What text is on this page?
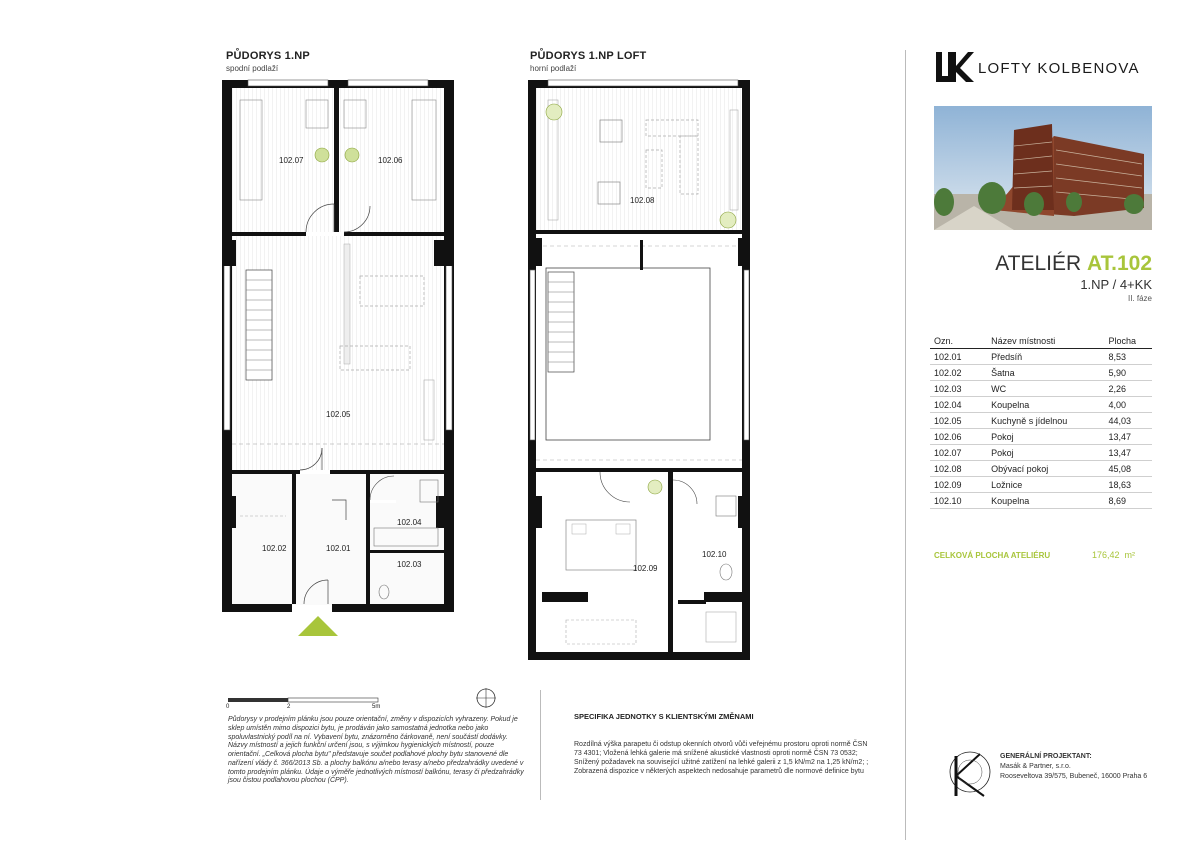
PŮDORYS 1.NP
spodní podlaží
102.07	102.06
102.05
102.02	102.01
102.04
102.03
PŮDORYS 1.NP LOFT
horní podlaží
102.08
102.09
102.10
LOFTY KOLBENOVA
ATELIÉR AT.102
1.NP / 4+KK
II. fáze
Ozn.	Název místnosti	Plocha
102.01	Předsíň	8,53
102.02	Šatna	5,90
102.03	WC	2,26
102.04	Koupelna	4,00
102.05	Kuchyně s jídelnou	44,03
102.06	Pokoj	13,47
102.07	Pokoj	13,47
102.08	Obývací pokoj	45,08
102.09	Ložnice	18,63
102.10	Koupelna	8,69
CELKOVÁ PLOCHA ATELIÉRU	176,42 m²
0	2	5m
Půdorysy v prodejním plánku jsou pouze orientační, změny v dispozicích vyhrazeny. Pokud je sklep umístěn mimo dispozici bytu, je prodáván jako samostatná jednotka nebo jako spoluvlastnický podíl na ní. Vybavení bytu, znázorněno čárkovaně, není součástí dodávky. Názvy místností a jejich funkční určení jsou, s výjimkou hygienických místností, pouze orientační. „Celková plocha bytu" představuje součet podlahové plochy bytu stanovené dle nařízení vlády č. 366/2013 Sb. a plochy balkónu a/nebo terasy a/nebo předzahrádky uvedené v tomto prodejním plánku. Údaje o výměře jednotlivých místností balkónu, terasy či předzahrádky jsou čistou podlahovou plochou (ČPP).
SPECIFIKA JEDNOTKY S KLIENTSKÝMI ZMĚNAMI
Rozdílná výška parapetu či odstup okenních otvorů vůči veřejnému prostoru oproti normě ČSN 73 4301; Vložená lehká galerie má snížené akustické vlastnosti oproti normě ČSN 73 0532; Snížený požadavek na související užitné zatížení na lehké galerii z 1,5 kN/m2 na 1,25 kN/m2; ; Zobrazená dispozice v některých aspektech nedosahuje parametrů dle normové definice bytu
GENERÁLNÍ PROJEKTANT:
Masák & Partner, s.r.o.
Rooseveltova 39/575, Bubeneč, 16000 Praha 6
